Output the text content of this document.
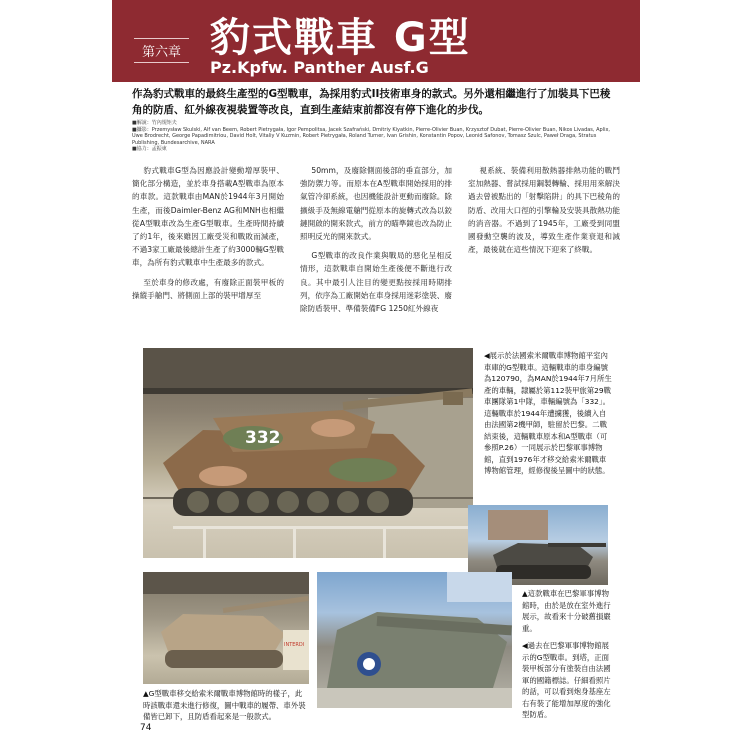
第六章 豹式戰車 G型
Pz.Kpfw. Panther Ausf.G
作為豹式戰車的最終生產型的G型戰車，為採用豹式II技術車身的款式。另外還相繼進行了加裝具下巴稜角的防盾、紅外線夜視裝置等改良，直到生產結束前都沒有停下進化的步伐。
■解說：竹內規矩夫
■攝影：Przemysław Skulski, Alf van Beem, Robert Pietrygała, Igor Pempolitsa, Jacek Szafrański, Dmitriy Kiyatkin, Pierre-Olivier Buan, Krzysztof Dubat, Pierre-Olivier Buan, Nikos Livadas, Aplix, Uwe Brodrecht, George Papadimitriou, David Holt, Vitaliy V Kuzmin, Robert Pietrygała, Roland Turner, Ivan Grishin, Konstantin Popov, Leonid Safonov, Tomasz Szulc, Paweł Draga, Stratus Publishing, Bundesarchive, NARA
■協力：孟振東

豹式戰車G型為因應設計變動增厚裝甲、簡化部分構造，並於車身搭載A型戰車為原本的車款。這款戰車由MAN於1944年3月開始生產，而後Daimler-Benz AG和MNH也相繼從A型戰車改為生產G型戰車。生產時間持續了約1年，後來雖因工廠受災和戰敗而減產，不過3家工廠最後總計生產了約3000輛G型戰車，為所有豹式戰車中生產最多的款式。

至於車身的修改處，有廢除正面裝甲板的操縱手艙門、將側面上部的裝甲增厚至

50mm，及廢除側面後部的垂直部分，加強防禦力等。而原本在A型戰車開始採用的排氣管冷卻系統，也因機能設計更動而廢除。除擴級手及無線電艙門從原本的旋轉式改為以鉸鏈開啟的開來款式，前方的瞄準鏡也改為防止照明反光的開來款式。

G型戰車的改良作業與戰局的惡化呈相反情形，這款戰車自開始生產後便不斷進行改良。其中最引人注目的變更點按採用時期排列，依序為工廠開始在車身採用迷彩塗裝、廢除防盾裝甲、準備裝備FG 1250紅外線夜

視系統、裝備利用散熱器排熱功能的戰鬥室加熱器、嘗試採用鋼製轉輪、採用用來解決過去曾被點出的「射擊陷阱」的具下巴稜角的防盾、改用大口徑的引擎輪及安裝具散熱功能的消音器。不過到了1945年，工廠受到同盟國發動空襲的波及，導致生產作業衰退和減產，最後就在這些情況下迎來了終戰。

332
◀展示於法國索米爾戰車博物館平室內車庫的G型戰車。這輛戰車的車身編號為120790，為MAN於1944年7月所生產的車輛，隸屬於第112裝甲旅第29戰車團隊第1中隊，車輛編號為「332」。這輛戰車於1944年遭擄獲，後續入自由法國第2機甲師，駐留於巴黎。二戰結束後，這輛戰車原本和A型戰車（可參照P.26）一同展示於巴黎軍事博物館，直到1976年才移交給索米爾戰車博物館管理，經修復後呈圖中的狀態。
INTERDI
▲G型戰車移交給索米爾戰車博物館時的樣子，此時該戰車還未進行修復，圖中戰車的履帶、車外裝備皆已卸下，且防盾看起來是一般款式。
▲這款戰車在巴黎軍事博物館時，由於是放在室外進行展示，故看來十分破舊損嚴重。
◀過去在巴黎軍事博物館展示的G型戰車。到塔，正面裝甲板部分有塗裝自由法國軍的國籍標誌。仔細看照片的話，可以看到炮身基座左右有裝了能增加厚度的強化型防盾。
74
